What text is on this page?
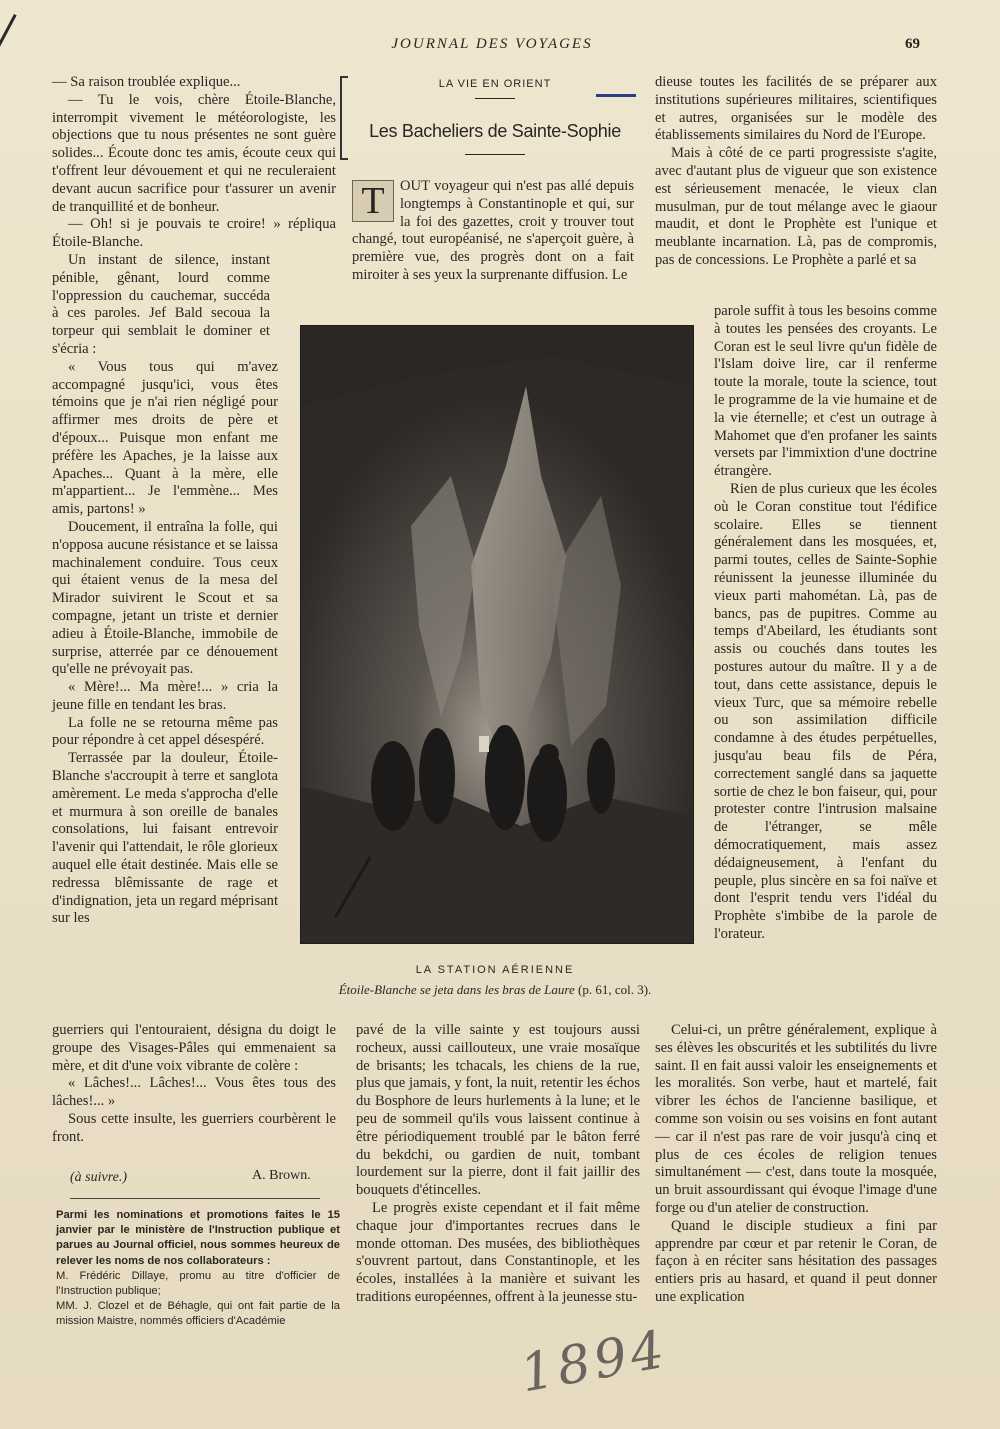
JOURNAL DES VOYAGES	69

— Sa raison troublée explique...

— Tu le vois, chère Étoile-Blanche, interrompit vivement le météorologiste, les objections que tu nous présentes ne sont guère solides... Écoute donc tes amis, écoute ceux qui t'offrent leur dévouement et qui ne reculeraient devant aucun sacrifice pour t'assurer un avenir de tranquillité et de bonheur.

— Oh! si je pouvais te croire! » répliqua Étoile-Blanche.

Un instant de silence, instant pénible, gênant, lourd comme l'oppression du cauchemar, succéda à ces paroles. Jef Bald secoua la torpeur qui semblait le dominer et s'écria :

« Vous tous qui m'avez accompagné jusqu'ici, vous êtes témoins que je n'ai rien négligé pour affirmer mes droits de père et d'époux... Puisque mon enfant me préfère les Apaches, je la laisse aux Apaches... Quant à la mère, elle m'appartient... Je l'emmène... Mes amis, partons! »

Doucement, il entraîna la folle, qui n'opposa aucune résistance et se laissa machinalement conduire. Tous ceux qui étaient venus de la mesa del Mirador suivirent le Scout et sa compagne, jetant un triste et dernier adieu à Étoile-Blanche, immobile de surprise, atterrée par ce dénouement qu'elle ne prévoyait pas.

« Mère!... Ma mère!... » cria la jeune fille en tendant les bras.

La folle ne se retourna même pas pour répondre à cet appel désespéré.

Terrassée par la douleur, Étoile-Blanche s'accroupit à terre et sanglota amèrement. Le meda s'approcha d'elle et murmura à son oreille de banales consolations, lui faisant entrevoir l'avenir qui l'attendait, le rôle glorieux auquel elle était destinée. Mais elle se redressa blêmissante de rage et d'indignation, jeta un regard méprisant sur les

guerriers qui l'entouraient, désigna du doigt le groupe des Visages-Pâles qui emmenaient sa mère, et dit d'une voix vibrante de colère :

« Lâches!... Lâches!... Vous êtes tous des lâches!... »

Sous cette insulte, les guerriers courbèrent le front.

(à suivre.)	A. Brown.

Parmi les nominations et promotions faites le 15 janvier par le ministère de l'Instruction publique et parues au Journal officiel, nous sommes heureux de relever les noms de nos collaborateurs :

M. Frédéric Dillaye, promu au titre d'officier de l'Instruction publique;

MM. J. Clozel et de Béhagle, qui ont fait partie de la mission Maistre, nommés officiers d'Académie

LA VIE EN ORIENT
Les Bacheliers de Sainte-Sophie
T	OUT voyageur qui n'est pas allé depuis longtemps à Constantinople et qui, sur la foi des gazettes, croit y trouver tout changé, tout européanisé, ne s'aperçoit guère, à première vue, des progrès dont on a fait miroiter à ses yeux la surprenante diffusion. Le

dieuse toutes les facilités de se préparer aux institutions supérieures militaires, scientifiques et autres, organisées sur le modèle des établissements similaires du Nord de l'Europe.

Mais à côté de ce parti progressiste s'agite, avec d'autant plus de vigueur que son existence est sérieusement menacée, le vieux clan musulman, pur de tout mélange avec le giaour maudit, et dont le Prophète est l'unique et meublante incarnation. Là, pas de compromis, pas de concessions. Le Prophète a parlé et sa

parole suffit à tous les besoins comme à toutes les pensées des croyants. Le Coran est le seul livre qu'un fidèle de l'Islam doive lire, car il renferme toute la morale, toute la science, tout le programme de la vie humaine et de la vie éternelle; et c'est un outrage à Mahomet que d'en profaner les saints versets par l'immixtion d'une doctrine étrangère.

Rien de plus curieux que les écoles où le Coran constitue tout l'édifice scolaire. Elles se tiennent généralement dans les mosquées, et, parmi toutes, celles de Sainte-Sophie réunissent la jeunesse illuminée du vieux parti mahométan. Là, pas de bancs, pas de pupitres. Comme au temps d'Abeilard, les étudiants sont assis ou couchés dans toutes les postures autour du maître. Il y a de tout, dans cette assistance, depuis le vieux Turc, que sa mémoire rebelle ou son assimilation difficile condamne à des études perpétuelles, jusqu'au beau fils de Péra, correctement sanglé dans sa jaquette sortie de chez le bon faiseur, qui, pour protester contre l'intrusion malsaine de l'étranger, se mêle démocratiquement, mais assez dédaigneusement, à l'enfant du peuple, plus sincère en sa foi naïve et dont l'esprit tendu vers l'idéal du Prophète s'imbibe de la parole de l'orateur.

LA STATION AÉRIENNE
Étoile-Blanche se jeta dans les bras de Laure (p. 61, col. 3).

pavé de la ville sainte y est toujours aussi rocheux, aussi caillouteux, une vraie mosaïque de brisants; les tchacals, les chiens de la rue, plus que jamais, y font, la nuit, retentir les échos du Bosphore de leurs hurlements à la lune; et le peu de sommeil qu'ils vous laissent continue à être périodiquement troublé par le bâton ferré du bekdchi, ou gardien de nuit, tombant lourdement sur la pierre, dont il fait jaillir des bouquets d'étincelles.

Le progrès existe cependant et il fait même chaque jour d'importantes recrues dans le monde ottoman. Des musées, des bibliothèques s'ouvrent partout, dans Constantinople, et les écoles, installées à la manière et suivant les traditions européennes, offrent à la jeunesse stu-

Celui-ci, un prêtre généralement, explique à ses élèves les obscurités et les subtilités du livre saint. Il en fait aussi valoir les enseignements et les moralités. Son verbe, haut et martelé, fait vibrer les échos de l'ancienne basilique, et comme son voisin ou ses voisins en font autant — car il n'est pas rare de voir jusqu'à cinq et plus de ces écoles de religion tenues simultanément — c'est, dans toute la mosquée, un bruit assourdissant qui évoque l'image d'une forge ou d'un atelier de construction.

Quand le disciple studieux a fini par apprendre par cœur et par retenir le Coran, de façon à en réciter sans hésitation des passages entiers pris au hasard, et quand il peut donner une explication

1894
